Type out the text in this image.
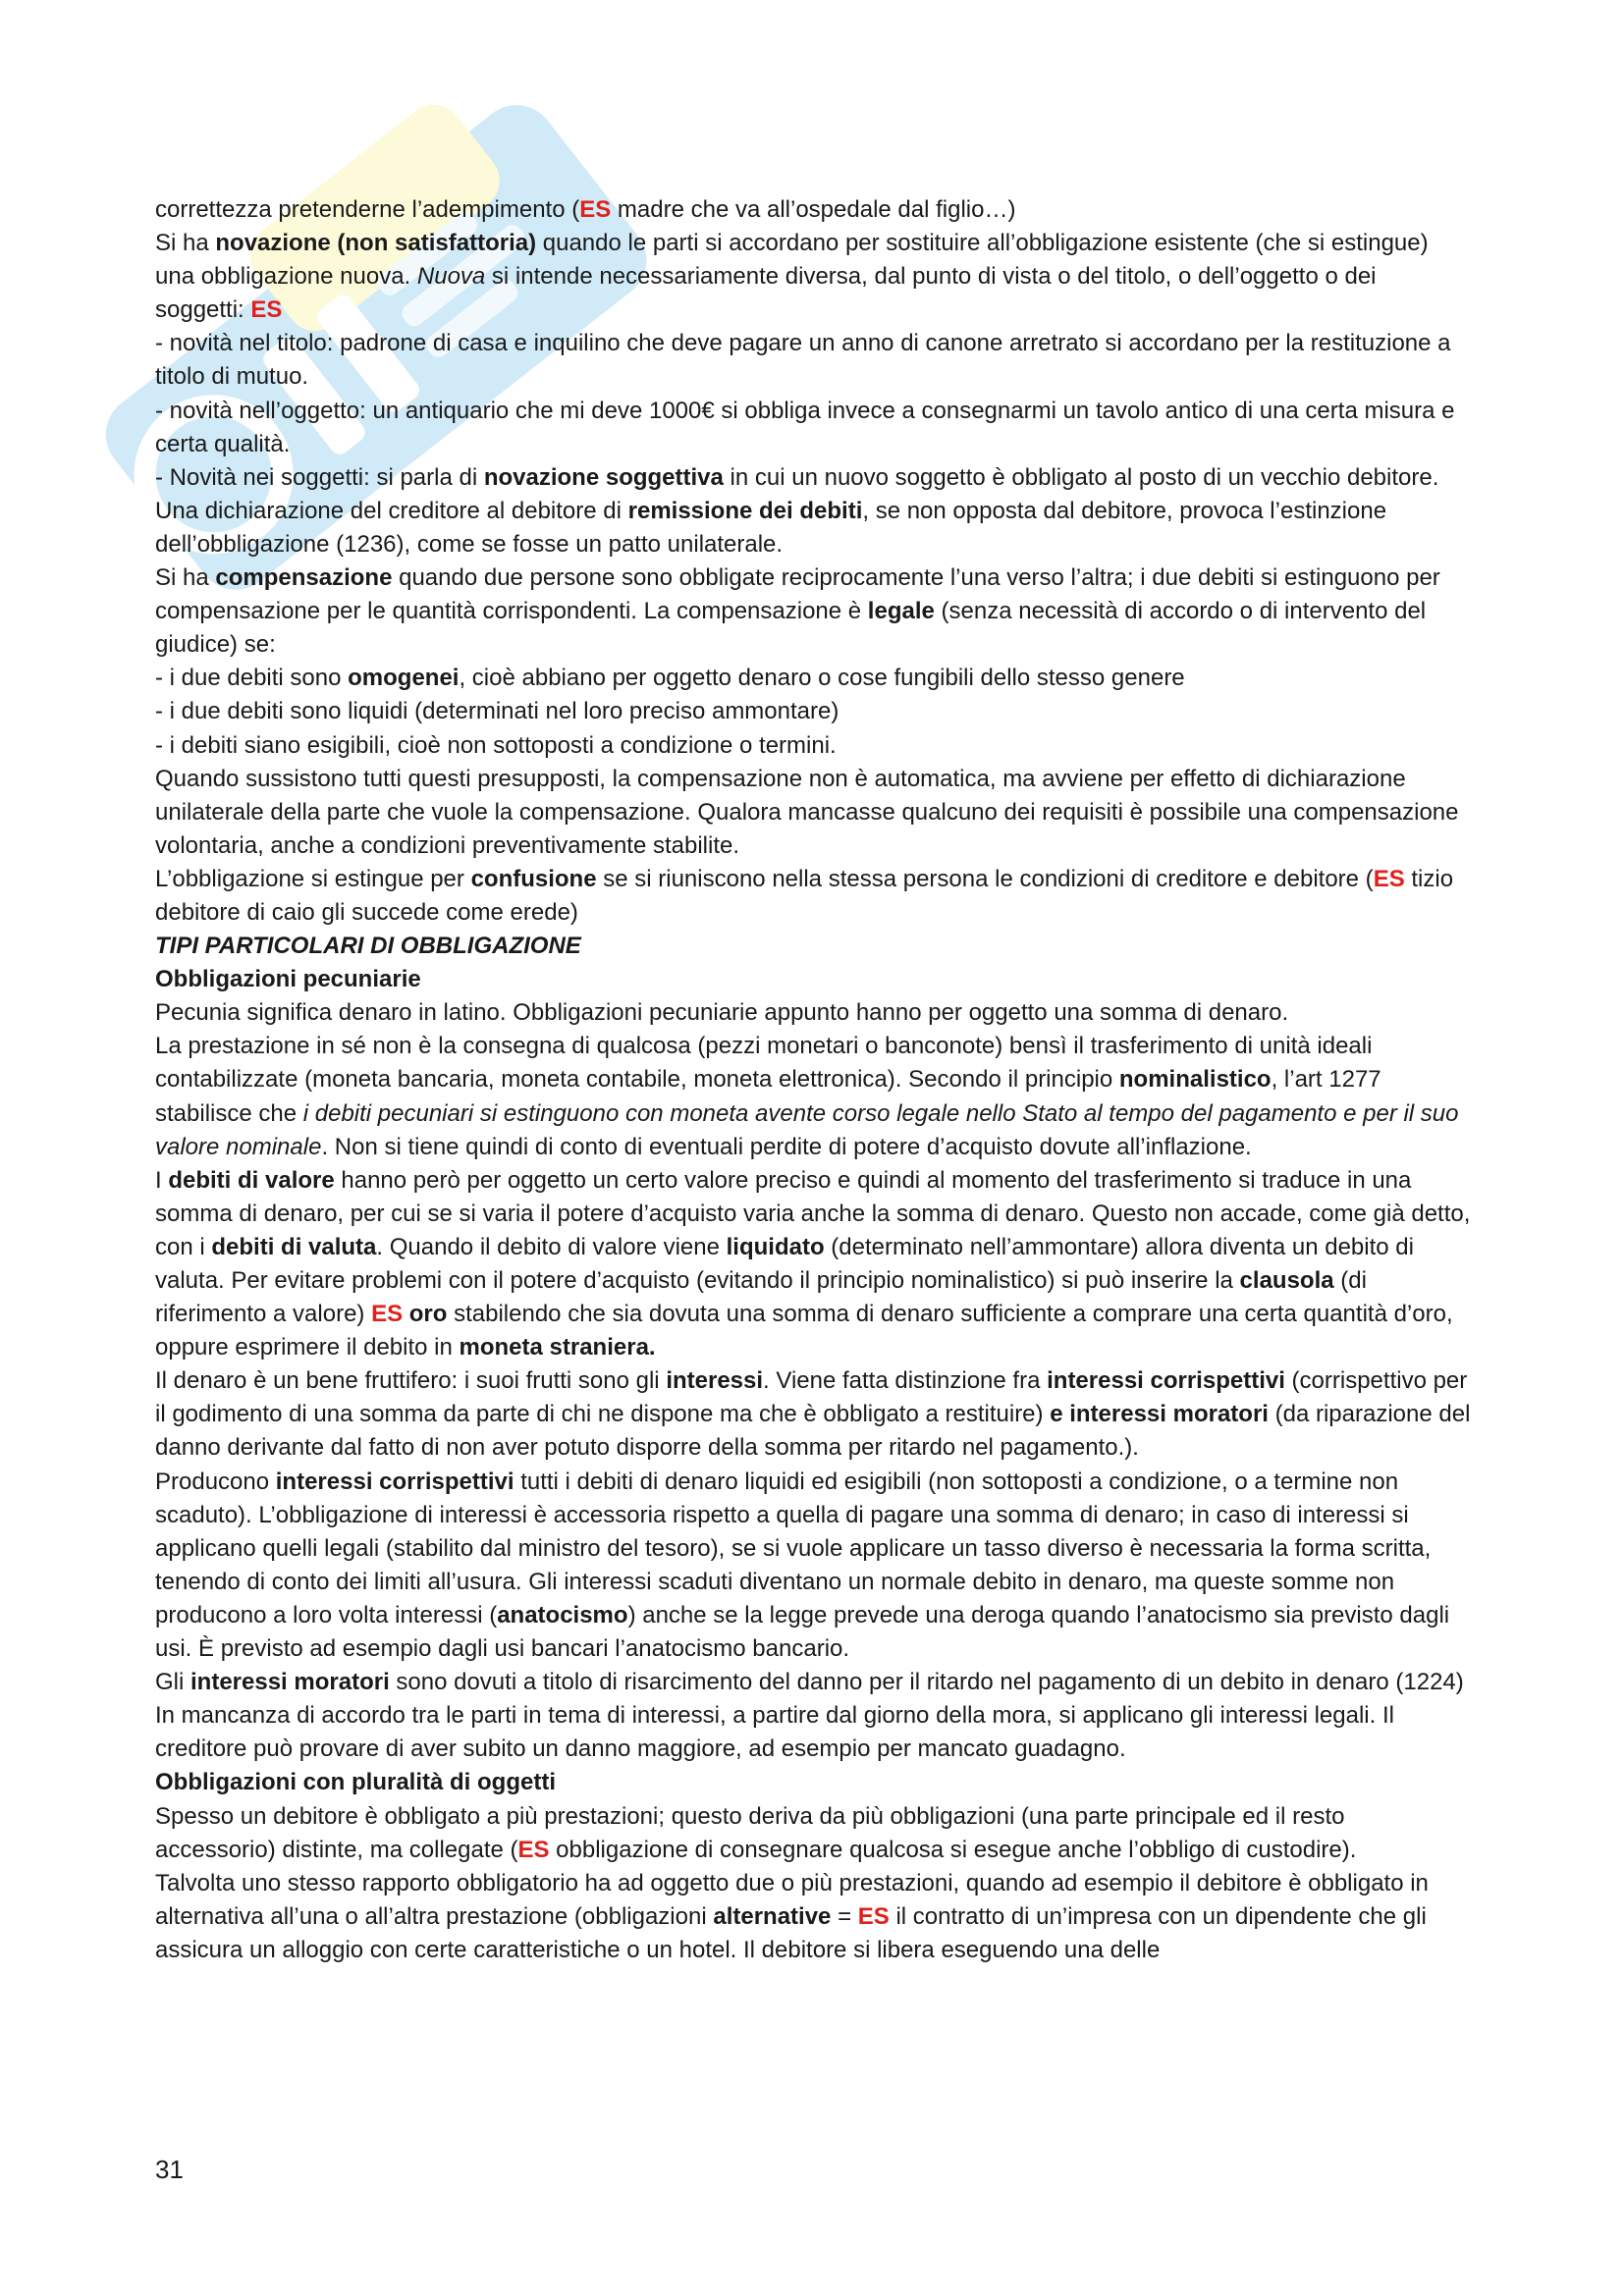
correttezza pretenderne l’adempimento (ES madre che va all’ospedale dal figlio…)

Si ha novazione (non satisfattoria) quando le parti si accordano per sostituire all’obbligazione esistente (che si estingue) una obbligazione nuova. Nuova si intende necessariamente diversa, dal punto di vista o del titolo, o dell’oggetto o dei soggetti: ES

- novità nel titolo: padrone di casa e inquilino che deve pagare un anno di canone arretrato si accordano per la restituzione a titolo di mutuo.

- novità nell’oggetto: un antiquario che mi deve 1000€ si obbliga invece a consegnarmi un tavolo antico di una certa misura e certa qualità.

- Novità nei soggetti: si parla di novazione soggettiva in cui un nuovo soggetto è obbligato al posto di un vecchio debitore.

Una dichiarazione del creditore al debitore di remissione dei debiti, se non opposta dal debitore, provoca l’estinzione dell’obbligazione (1236), come se fosse un patto unilaterale.

Si ha compensazione quando due persone sono obbligate reciprocamente l’una verso l’altra; i due debiti si estinguono per compensazione per le quantità corrispondenti. La compensazione è legale (senza necessità di accordo o di intervento del giudice) se:

- i due debiti sono omogenei, cioè abbiano per oggetto denaro o cose fungibili dello stesso genere

- i due debiti sono liquidi (determinati nel loro preciso ammontare)

- i debiti siano esigibili, cioè non sottoposti a condizione o termini.

Quando sussistono tutti questi presupposti, la compensazione non è automatica, ma avviene per effetto di dichiarazione unilaterale della parte che vuole la compensazione. Qualora mancasse qualcuno dei requisiti è possibile una compensazione volontaria, anche a condizioni preventivamente stabilite.

L’obbligazione si estingue per confusione se si riuniscono nella stessa persona le condizioni di creditore e debitore (ES tizio debitore di caio gli succede come erede)

TIPI PARTICOLARI DI OBBLIGAZIONE

Obbligazioni pecuniarie

Pecunia significa denaro in latino. Obbligazioni pecuniarie appunto hanno per oggetto una somma di denaro.

La prestazione in sé non è la consegna di qualcosa (pezzi monetari o banconote) bensì il trasferimento di unità ideali contabilizzate (moneta bancaria, moneta contabile, moneta elettronica). Secondo il principio nominalistico, l’art 1277 stabilisce che i debiti pecuniari si estinguono con moneta avente corso legale nello Stato al tempo del pagamento e per il suo valore nominale. Non si tiene quindi di conto di eventuali perdite di potere d’acquisto dovute all’inflazione.

I debiti di valore hanno però per oggetto un certo valore preciso e quindi al momento del trasferimento si traduce in una somma di denaro, per cui se si varia il potere d’acquisto varia anche la somma di denaro. Questo non accade, come già detto, con i debiti di valuta. Quando il debito di valore viene liquidato (determinato nell’ammontare) allora diventa un debito di valuta. Per evitare problemi con il potere d’acquisto (evitando il principio nominalistico) si può inserire la clausola (di riferimento a valore) ES oro stabilendo che sia dovuta una somma di denaro sufficiente a comprare una certa quantità d’oro, oppure esprimere il debito in moneta straniera.

Il denaro è un bene fruttifero: i suoi frutti sono gli interessi. Viene fatta distinzione fra interessi corrispettivi (corrispettivo per il godimento di una somma da parte di chi ne dispone ma che è obbligato a restituire) e interessi moratori (da riparazione del danno derivante dal fatto di non aver potuto disporre della somma per ritardo nel pagamento.).

Producono interessi corrispettivi tutti i debiti di denaro liquidi ed esigibili (non sottoposti a condizione, o a termine non scaduto). L’obbligazione di interessi è accessoria rispetto a quella di pagare una somma di denaro; in caso di interessi si applicano quelli legali (stabilito dal ministro del tesoro), se si vuole applicare un tasso diverso è necessaria la forma scritta, tenendo di conto dei limiti all’usura. Gli interessi scaduti diventano un normale debito in denaro, ma queste somme non producono a loro volta interessi (anatocismo) anche se la legge prevede una deroga quando l’anatocismo sia previsto dagli usi. È previsto ad esempio dagli usi bancari l’anatocismo bancario.

Gli interessi moratori sono dovuti a titolo di risarcimento del danno per il ritardo nel pagamento di un debito in denaro (1224) In mancanza di accordo tra le parti in tema di interessi, a partire dal giorno della mora, si applicano gli interessi legali. Il creditore può provare di aver subito un danno maggiore, ad esempio per mancato guadagno.

Obbligazioni con pluralità di oggetti

Spesso un debitore è obbligato a più prestazioni; questo deriva da più obbligazioni (una parte principale ed il resto accessorio) distinte, ma collegate (ES obbligazione di consegnare qualcosa si esegue anche l’obbligo di custodire).

Talvolta uno stesso rapporto obbligatorio ha ad oggetto due o più prestazioni, quando ad esempio il debitore è obbligato in alternativa all’una o all’altra prestazione (obbligazioni alternative = ES il contratto di un’impresa con un dipendente che gli assicura un alloggio con certe caratteristiche o un hotel. Il debitore si libera eseguendo una delle

31
